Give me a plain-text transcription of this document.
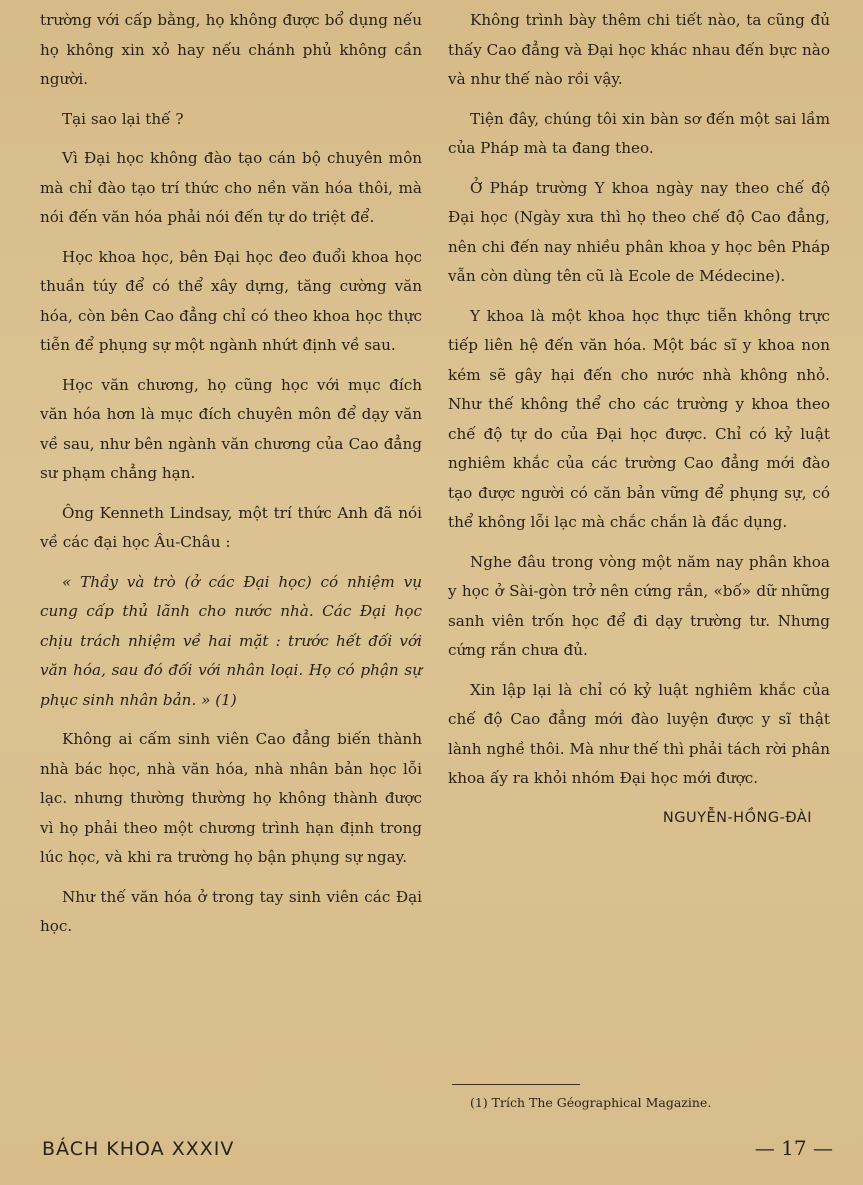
trường với cấp bằng, họ không được bổ dụng nếu họ không xin xỏ hay nếu chánh phủ không cần người.

Tại sao lại thế ?

Vì Đại học không đào tạo cán bộ chuyên môn mà chỉ đào tạo trí thức cho nền văn hóa thôi, mà nói đến văn hóa phải nói đến tự do triệt để.

Học khoa học, bên Đại học đeo đuổi khoa học thuần túy để có thể xây dựng, tăng cường văn hóa, còn bên Cao đẳng chỉ có theo khoa học thực tiễn để phụng sự một ngành nhứt định về sau.

Học văn chương, họ cũng học với mục đích văn hóa hơn là mục đích chuyên môn để dạy văn về sau, như bên ngành văn chương của Cao đẳng sư phạm chẳng hạn.

Ông Kenneth Lindsay, một trí thức Anh đã nói về các đại học Âu-Châu :

« Thầy và trò (ở các Đại học) có nhiệm vụ cung cấp thủ lãnh cho nước nhà. Các Đại học chịu trách nhiệm về hai mặt : trước hết đối với văn hóa, sau đó đối với nhân loại. Họ có phận sự phục sinh nhân bản. » (1)

Không ai cấm sinh viên Cao đẳng biến thành nhà bác học, nhà văn hóa, nhà nhân bản học lỗi lạc. nhưng thường thường họ không thành được vì họ phải theo một chương trình hạn định trong lúc học, và khi ra trường họ bận phụng sự ngay.

Như thế văn hóa ở trong tay sinh viên các Đại học.

Không trình bày thêm chi tiết nào, ta cũng đủ thấy Cao đẳng và Đại học khác nhau đến bực nào và như thế nào rồi vậy.

Tiện đây, chúng tôi xin bàn sơ đến một sai lầm của Pháp mà ta đang theo.

Ở Pháp trường Y khoa ngày nay theo chế độ Đại học (Ngày xưa thì họ theo chế độ Cao đẳng, nên chi đến nay nhiều phân khoa y học bên Pháp vẫn còn dùng tên cũ là Ecole de Médecine).

Y khoa là một khoa học thực tiễn không trực tiếp liên hệ đến văn hóa. Một bác sĩ y khoa non kém sẽ gây hại đến cho nước nhà không nhỏ. Như thế không thể cho các trường y khoa theo chế độ tự do của Đại học được. Chỉ có kỷ luật nghiêm khắc của các trường Cao đẳng mới đào tạo được người có căn bản vững để phụng sự, có thể không lỗi lạc mà chắc chắn là đắc dụng.

Nghe đâu trong vòng một năm nay phân khoa y học ở Sài-gòn trở nên cứng rắn, «bố» dữ những sanh viên trốn học để đi dạy trường tư. Nhưng cứng rắn chưa đủ.

Xin lập lại là chỉ có kỷ luật nghiêm khắc của chế độ Cao đẳng mới đào luyện được y sĩ thật lành nghề thôi. Mà như thế thì phải tách rời phân khoa ấy ra khỏi nhóm Đại học mới được.

NGUYỄN-HỒNG-ĐÀI
(1) Trích The Géographical Magazine.
BÁCH KHOA XXXIV	— 17 —
